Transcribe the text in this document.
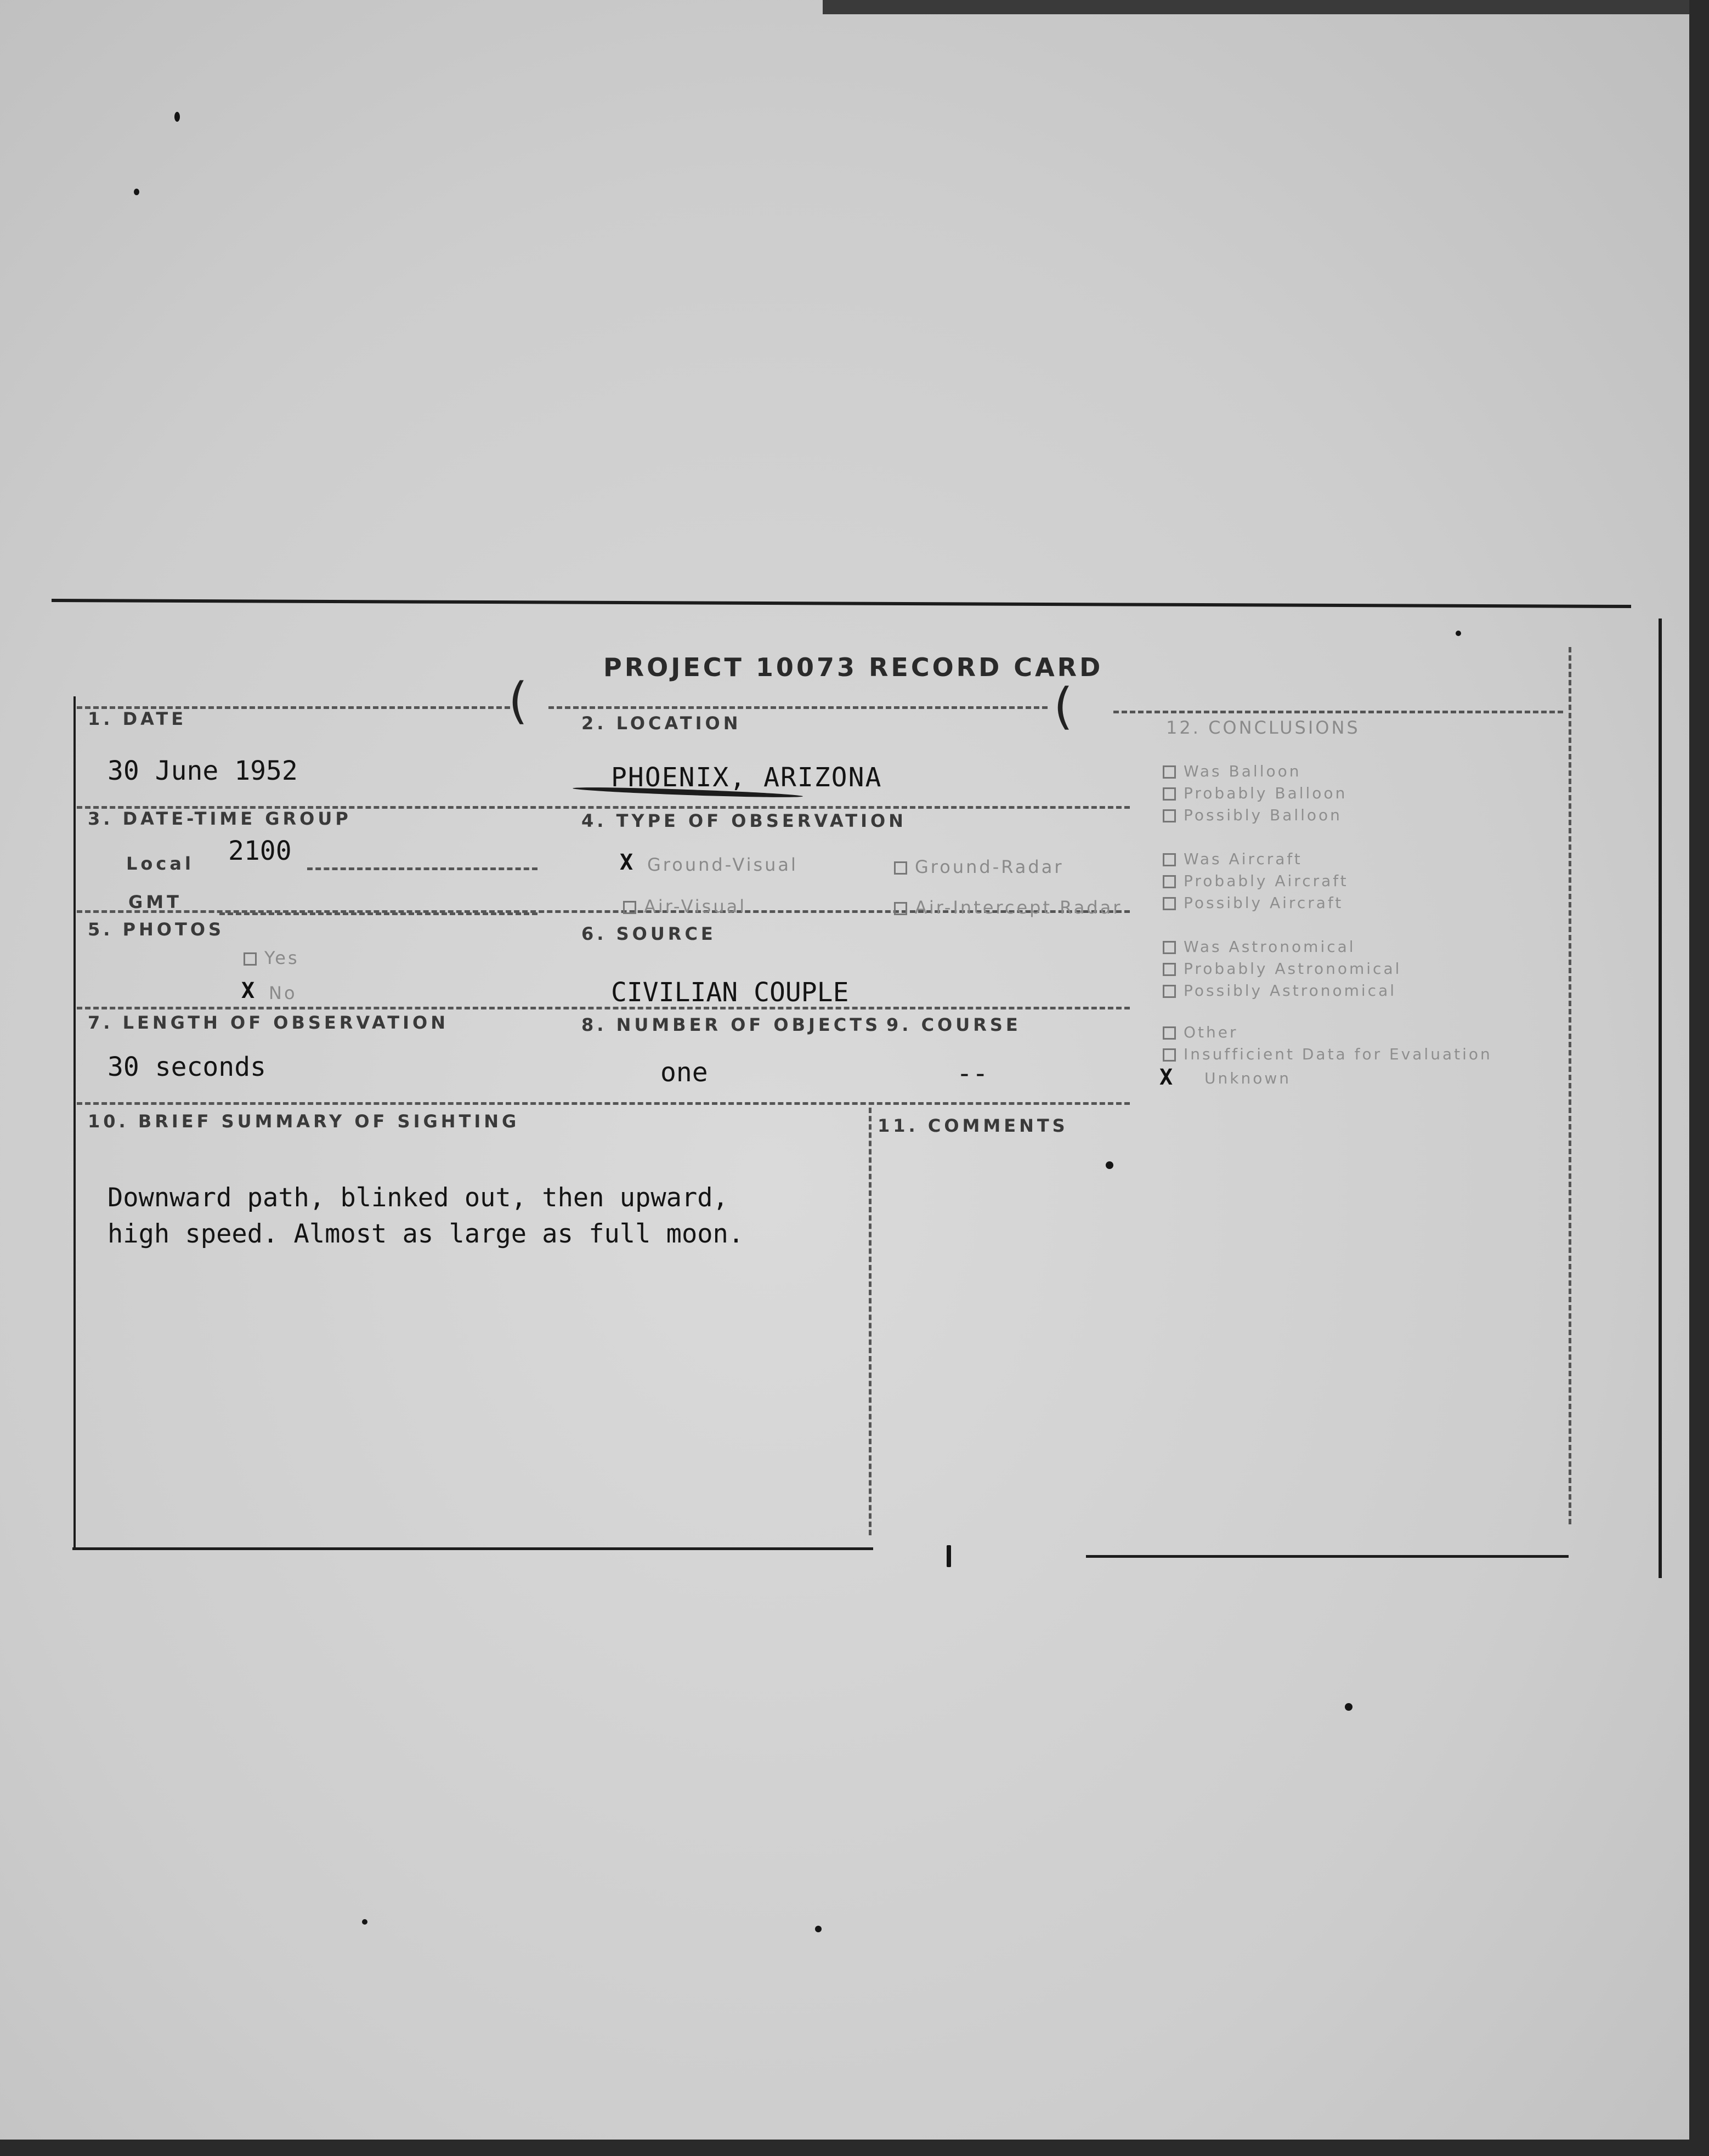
PROJECT 10073 RECORD CARD
(	(
1. DATE
30 June 1952
2. LOCATION
PHOENIX, ARIZONA
3. DATE-TIME GROUP
Local 2100
GMT
4. TYPE OF OBSERVATION
X Ground-Visual	Ground-Radar
Air-Visual	Air-Intercept Radar
5. PHOTOS
Yes
X No
6. SOURCE
CIVILIAN COUPLE
7. LENGTH OF OBSERVATION
30 seconds
8. NUMBER OF OBJECTS
one
9. COURSE
--
10. BRIEF SUMMARY OF SIGHTING
Downward path, blinked out, then upward,
high speed. Almost as large as full moon.
11. COMMENTS
12. CONCLUSIONS
Was Balloon
Probably Balloon
Possibly Balloon
Was Aircraft
Probably Aircraft
Possibly Aircraft
Was Astronomical
Probably Astronomical
Possibly Astronomical
Other
Insufficient Data for Evaluation
X Unknown
